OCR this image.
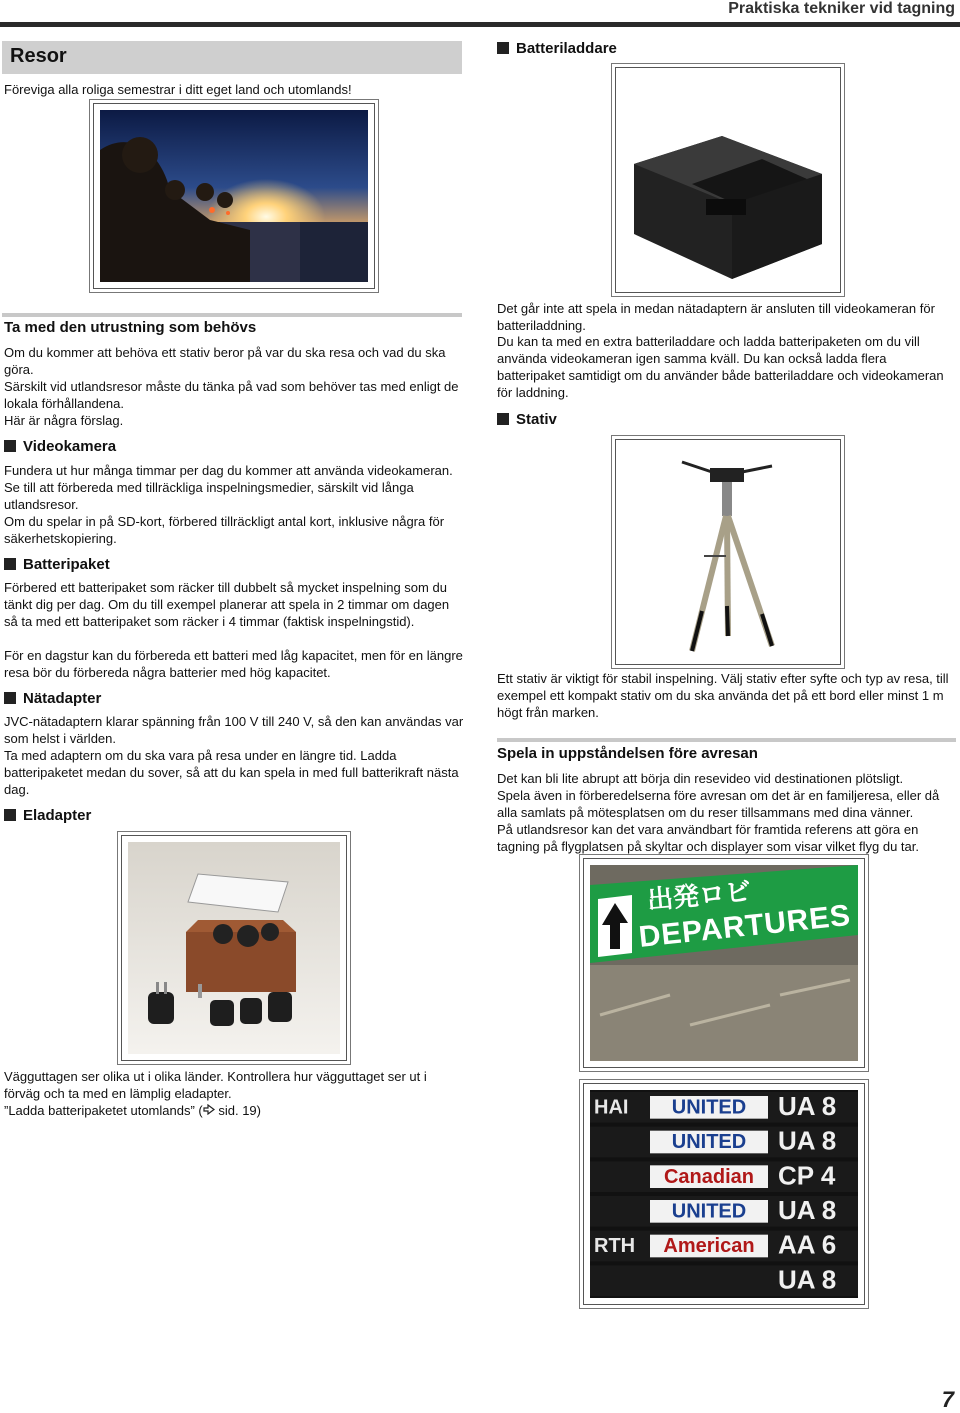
Praktiska tekniker vid tagning
Resor
Föreviga alla roliga semestrar i ditt eget land och utomlands!
Ta med den utrustning som behövs
Om du kommer att behöva ett stativ beror på var du ska resa och vad du ska göra.
Särskilt vid utlandsresor måste du tänka på vad som behöver tas med enligt de lokala förhållandena.
Här är några förslag.
Videokamera
Fundera ut hur många timmar per dag du kommer att använda videokameran. Se till att förbereda med tillräckliga inspelningsmedier, särskilt vid långa utlandsresor.
Om du spelar in på SD-kort, förbered tillräckligt antal kort, inklusive några för säkerhetskopiering.
Batteripaket
Förbered ett batteripaket som räcker till dubbelt så mycket inspelning som du tänkt dig per dag. Om du till exempel planerar att spela in 2 timmar om dagen så ta med ett batteripaket som räcker i 4 timmar (faktisk inspelningstid).
För en dagstur kan du förbereda ett batteri med låg kapacitet, men för en längre resa bör du förbereda några batterier med hög kapacitet.
Nätadapter
JVC-nätadaptern klarar spänning från 100 V till 240 V, så den kan användas var som helst i världen.
Ta med adaptern om du ska vara på resa under en längre tid. Ladda batteripaketet medan du sover, så att du kan spela in med full batterikraft nästa dag.
Eladapter
Vägguttagen ser olika ut i olika länder. Kontrollera hur vägguttaget ser ut i förväg och ta med en lämplig eladapter.
”Ladda batteripaketet utomlands” ( sid. 19)
Batteriladdare
Det går inte att spela in medan nätadaptern är ansluten till videokameran för batteriladdning.
Du kan ta med en extra batteriladdare och ladda batteripaketen om du vill använda videokameran igen samma kväll. Du kan också ladda flera batteripaket samtidigt om du använder både batteriladdare och videokameran för laddning.
Stativ
Ett stativ är viktigt för stabil inspelning. Välj stativ efter syfte och typ av resa, till exempel ett kompakt stativ om du ska använda det på ett bord eller minst 1 m högt från marken.
Spela in uppståndelsen före avresan
Det kan bli lite abrupt att börja din resevideo vid destinationen plötsligt.
Spela även in förberedelserna före avresan om det är en familjeresa, eller då alla samlats på mötesplatsen om du reser tillsammans med dina vänner.
På utlandsresor kan det vara användbart för framtida referens att göra en tagning på flygplatsen på skyltar och displayer som visar vilket flyg du tar.
出発ロビ
DEPARTURES
UNITED
HAI	UA 8
UNITED UA 8
Canadian CP 4
UNITED UA 8
American
RTH	AA 6
UA 8
7
